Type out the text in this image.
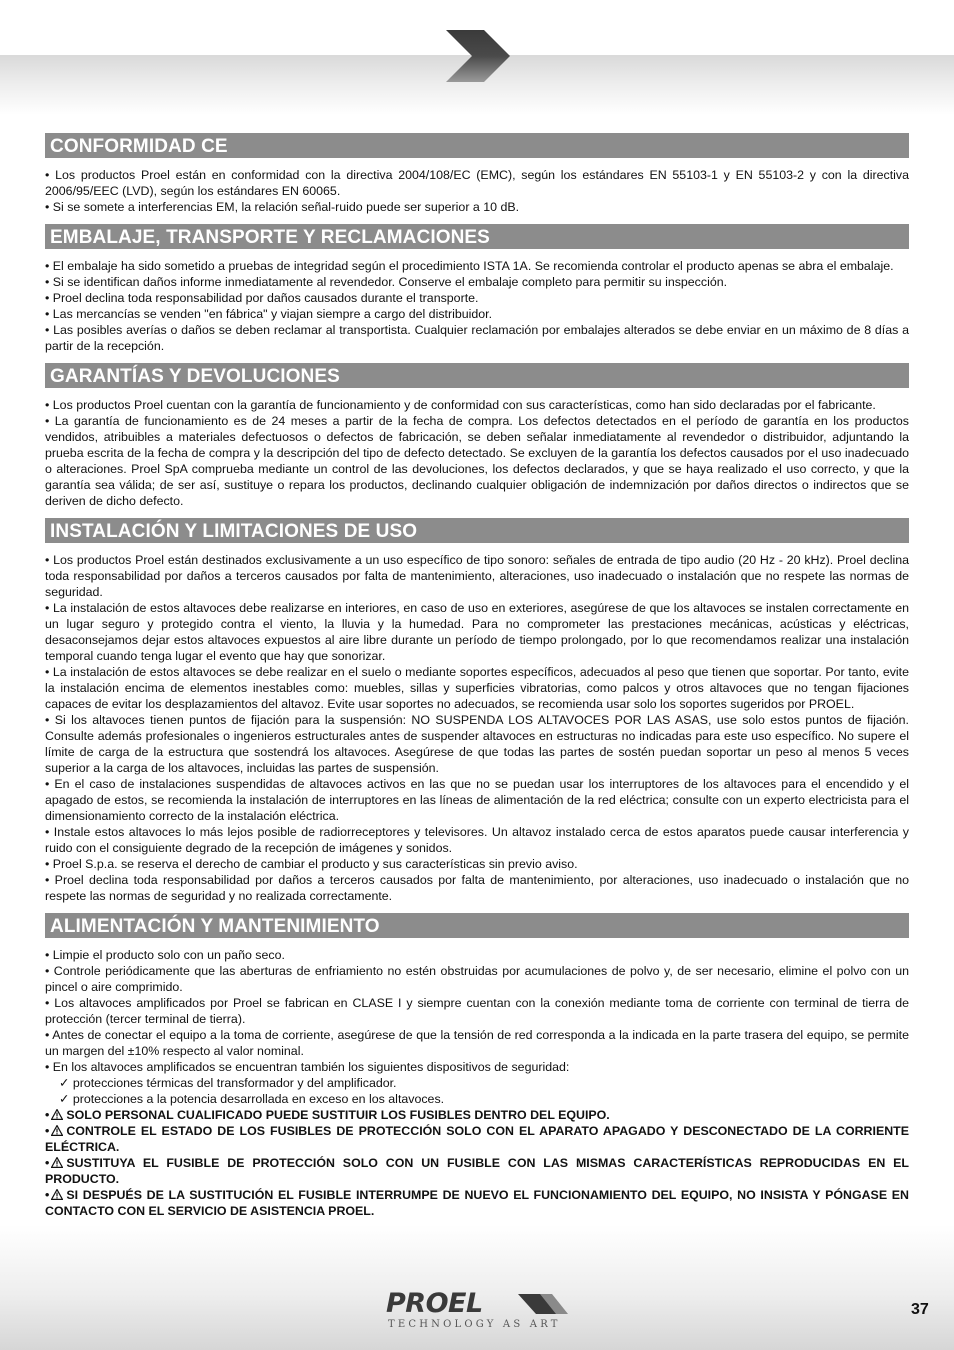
CONFORMIDAD CE

• Los productos Proel están en conformidad con la directiva 2004/108/EC (EMC), según los estándares EN 55103-1 y EN 55103-2 y con la directiva 2006/95/EEC (LVD), según los estándares EN 60065.

• Si se somete a interferencias EM, la relación señal-ruido puede ser superior a 10 dB.

EMBALAJE, TRANSPORTE Y RECLAMACIONES

• El embalaje ha sido sometido a pruebas de integridad según el procedimiento ISTA 1A. Se recomienda controlar el producto apenas se abra el embalaje.

• Si se identifican daños informe inmediatamente al revendedor. Conserve el embalaje completo para permitir su inspección.

• Proel declina toda responsabilidad por daños causados durante el transporte.

• Las mercancías se venden "en fábrica" y viajan siempre a cargo del distribuidor.

• Las posibles averías o daños se deben reclamar al transportista. Cualquier reclamación por embalajes alterados se debe enviar en un máximo de 8 días a partir de la recepción.

GARANTÍAS Y DEVOLUCIONES

• Los productos Proel cuentan con la garantía de funcionamiento y de conformidad con sus características, como han sido declaradas por el fabricante.

• La garantía de funcionamiento es de 24 meses a partir de la fecha de compra. Los defectos detectados en el período de garantía en los productos vendidos, atribuibles a materiales defectuosos o defectos de fabricación, se deben señalar inmediatamente al revendedor o distribuidor, adjuntando la prueba escrita de la fecha de compra y la descripción del tipo de defecto detectado. Se excluyen de la garantía los defectos causados por el uso inadecuado o alteraciones. Proel SpA comprueba mediante un control de las devoluciones, los defectos declarados, y que se haya realizado el uso correcto, y que la garantía sea válida; de ser así, sustituye o repara los productos, declinando cualquier obligación de indemnización por daños directos o indirectos que se deriven de dicho defecto.

INSTALACIÓN Y LIMITACIONES DE USO

• Los productos Proel están destinados exclusivamente a un uso específico de tipo sonoro: señales de entrada de tipo audio (20 Hz - 20 kHz). Proel declina toda responsabilidad por daños a terceros causados por falta de mantenimiento, alteraciones, uso inadecuado o instalación que no respete las normas de seguridad.

• La instalación de estos altavoces debe realizarse en interiores, en caso de uso en exteriores, asegúrese de que los altavoces se instalen correctamente en un lugar seguro y protegido contra el viento, la lluvia y la humedad. Para no comprometer las prestaciones mecánicas, acústicas y eléctricas, desaconsejamos dejar estos altavoces expuestos al aire libre durante un período de tiempo prolongado, por lo que recomendamos realizar una instalación temporal cuando tenga lugar el evento que hay que sonorizar.

• La instalación de estos altavoces se debe realizar en el suelo o mediante soportes específicos, adecuados al peso que tienen que soportar. Por tanto, evite la instalación encima de elementos inestables como: muebles, sillas y superficies vibratorias, como palcos y otros altavoces que no tengan fijaciones capaces de evitar los desplazamientos del altavoz. Evite usar soportes no adecuados, se recomienda usar solo los soportes sugeridos por PROEL.

• Si los altavoces tienen puntos de fijación para la suspensión: NO SUSPENDA LOS ALTAVOCES POR LAS ASAS, use solo estos puntos de fijación. Consulte además profesionales o ingenieros estructurales antes de suspender altavoces en estructuras no indicadas para este uso específico. No supere el límite de carga de la estructura que sostendrá los altavoces. Asegúrese de que todas las partes de sostén puedan soportar un peso al menos 5 veces superior a la carga de los altavoces, incluidas las partes de suspensión.

• En el caso de instalaciones suspendidas de altavoces activos en las que no se puedan usar los interruptores de los altavoces para el encendido y el apagado de estos, se recomienda la instalación de interruptores en las líneas de alimentación de la red eléctrica; consulte con un experto electricista para el dimensionamiento correcto de la instalación eléctrica.

• Instale estos altavoces lo más lejos posible de radiorreceptores y televisores. Un altavoz instalado cerca de estos aparatos puede causar interferencia y ruido con el consiguiente degrado de la recepción de imágenes y sonidos.

• Proel S.p.a. se reserva el derecho de cambiar el producto y sus características sin previo aviso.

• Proel declina toda responsabilidad por daños a terceros causados por falta de mantenimiento, por alteraciones, uso inadecuado o instalación que no respete las normas de seguridad y no realizada correctamente.

ALIMENTACIÓN Y MANTENIMIENTO

• Limpie el producto solo con un paño seco.

• Controle periódicamente que las aberturas de enfriamiento no estén obstruidas por acumulaciones de polvo y, de ser necesario, elimine el polvo con un pincel o aire comprimido.

• Los altavoces amplificados por Proel se fabrican en CLASE I y siempre cuentan con la conexión mediante toma de corriente con terminal de tierra de protección (tercer terminal de tierra).

• Antes de conectar el equipo a la toma de corriente, asegúrese de que la tensión de red corresponda a la indicada en la parte trasera del equipo, se permite un margen del ±10% respecto al valor nominal.

• En los altavoces amplificados se encuentran también los siguientes dispositivos de seguridad:

✓ protecciones térmicas del transformador y del amplificador.

✓ protecciones a la potencia desarrollada en exceso en los altavoces.

• SOLO PERSONAL CUALIFICADO PUEDE SUSTITUIR LOS FUSIBLES DENTRO DEL EQUIPO.

• CONTROLE EL ESTADO DE LOS FUSIBLES DE PROTECCIÓN SOLO CON EL APARATO APAGADO Y DESCONECTADO DE LA CORRIENTE ELÉCTRICA.

• SUSTITUYA EL FUSIBLE DE PROTECCIÓN SOLO CON UN FUSIBLE CON LAS MISMAS CARACTERÍSTICAS REPRODUCIDAS EN EL PRODUCTO.

• SI DESPUÉS DE LA SUSTITUCIÓN EL FUSIBLE INTERRUMPE DE NUEVO EL FUNCIONAMIENTO DEL EQUIPO, NO INSISTA Y PÓNGASE EN CONTACTO CON EL SERVICIO DE ASISTENCIA PROEL.

PROEL
TECHNOLOGY AS ART
37
